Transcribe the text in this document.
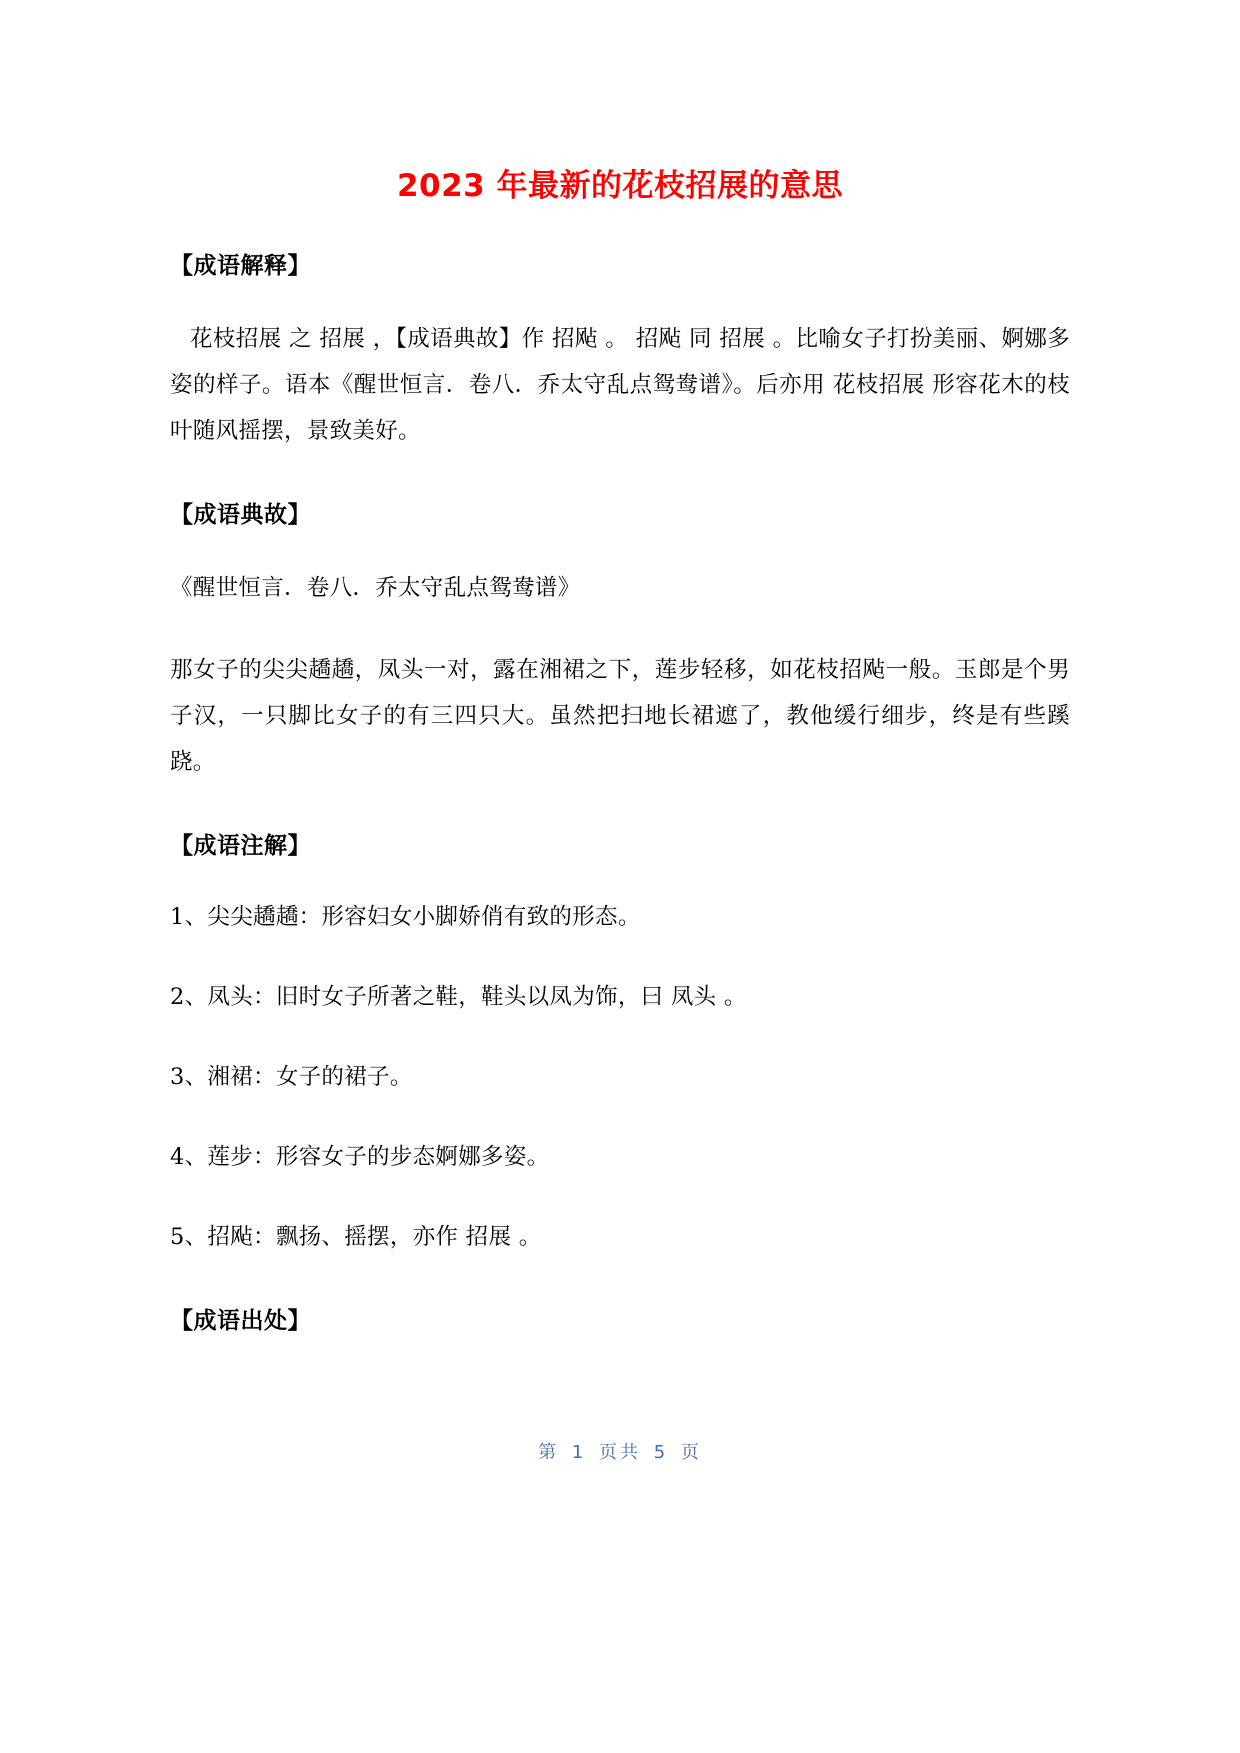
2023 年最新的花枝招展的意思
【成语解释】
花枝招展 之 招展 ，【成语典故】作 招飐 。 招飐 同 招展 。比喻女子打扮美丽、婀娜多姿的样子。语本《醒世恒言．卷八．乔太守乱点鸳鸯谱》。后亦用 花枝招展 形容花木的枝叶随风摇摆，景致美好。
【成语典故】
《醒世恒言．卷八．乔太守乱点鸳鸯谱》
那女子的尖尖趫趫，凤头一对，露在湘裙之下，莲步轻移，如花枝招飐一般。玉郎是个男子汉，一只脚比女子的有三四只大。虽然把扫地长裙遮了，教他缓行细步，终是有些蹊跷。
【成语注解】
1、尖尖趫趫：形容妇女小脚娇俏有致的形态。
2、凤头：旧时女子所著之鞋，鞋头以凤为饰，曰 凤头 。
3、湘裙：女子的裙子。
4、莲步：形容女子的步态婀娜多姿。
5、招飐：飘扬、摇摆，亦作 招展 。
【成语出处】
第 1 页共 5 页
